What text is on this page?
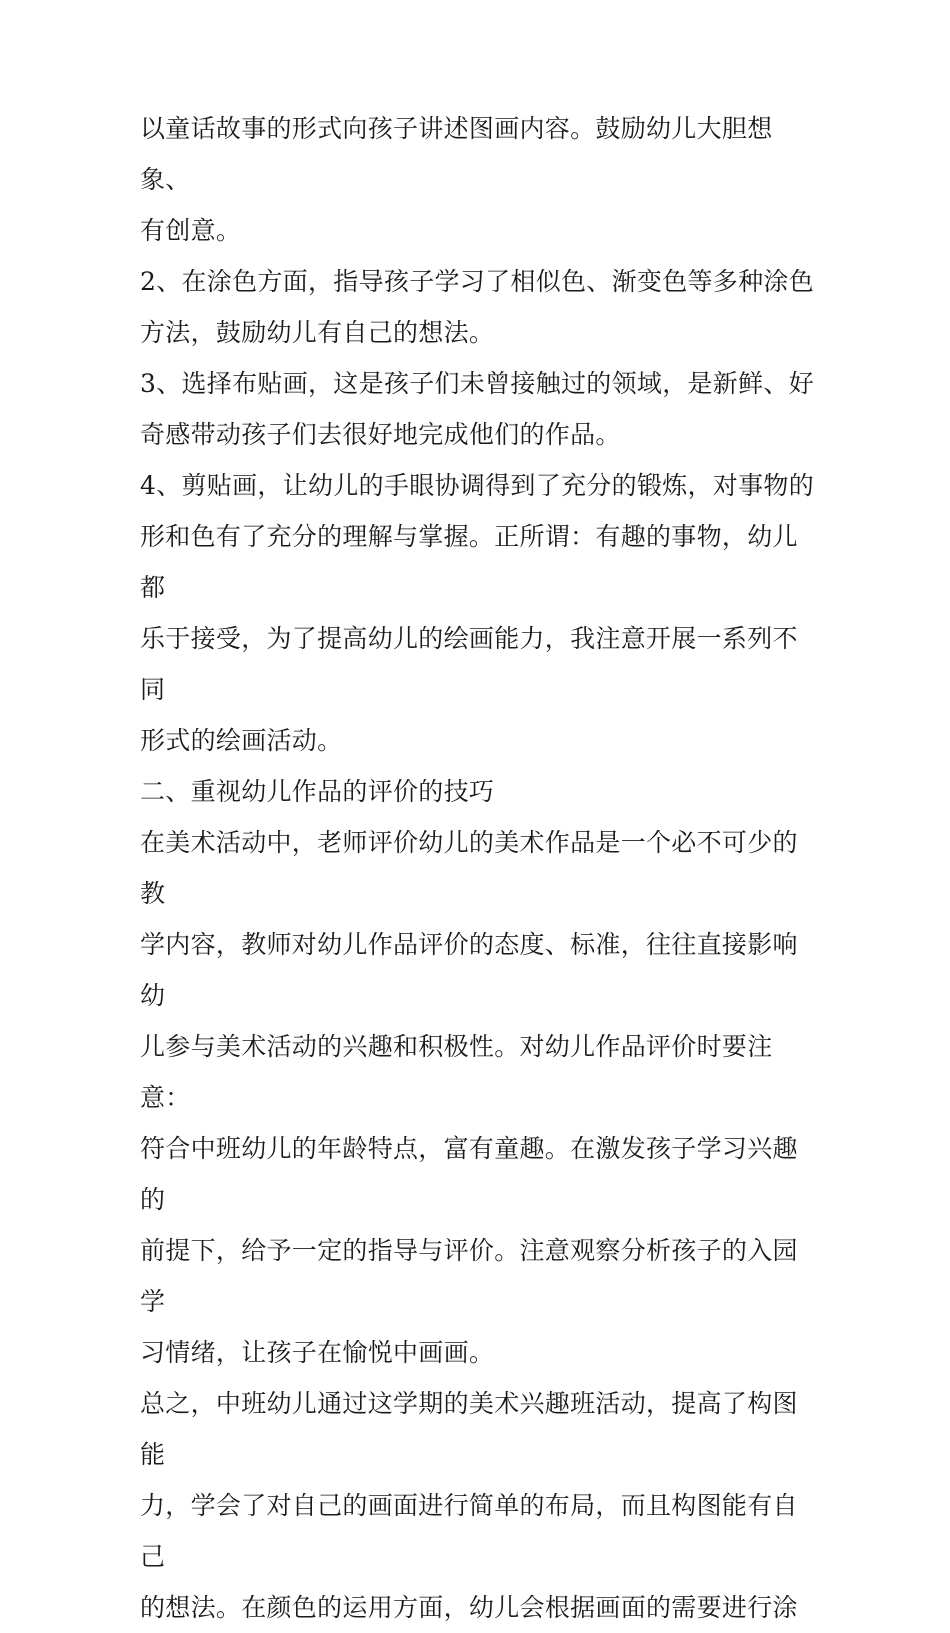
以童话故事的形式向孩子讲述图画内容。鼓励幼儿大胆想象、

有创意。

2、在涂色方面，指导孩子学习了相似色、渐变色等多种涂色

方法，鼓励幼儿有自己的想法。

3、选择布贴画，这是孩子们未曾接触过的领域，是新鲜、好

奇感带动孩子们去很好地完成他们的作品。

4、剪贴画，让幼儿的手眼协调得到了充分的锻炼，对事物的

形和色有了充分的理解与掌握。正所谓：有趣的事物，幼儿都

乐于接受，为了提高幼儿的绘画能力，我注意开展一系列不同

形式的绘画活动。

二、重视幼儿作品的评价的技巧

在美术活动中，老师评价幼儿的美术作品是一个必不可少的教

学内容，教师对幼儿作品评价的态度、标准，往往直接影响幼

儿参与美术活动的兴趣和积极性。对幼儿作品评价时要注意：

符合中班幼儿的年龄特点，富有童趣。在激发孩子学习兴趣的

前提下，给予一定的指导与评价。注意观察分析孩子的入园学

习情绪，让孩子在愉悦中画画。

总之，中班幼儿通过这学期的美术兴趣班活动，提高了构图能

力，学会了对自己的画面进行简单的布局，而且构图能有自己

的想法。在颜色的运用方面，幼儿会根据画面的需要进行涂
